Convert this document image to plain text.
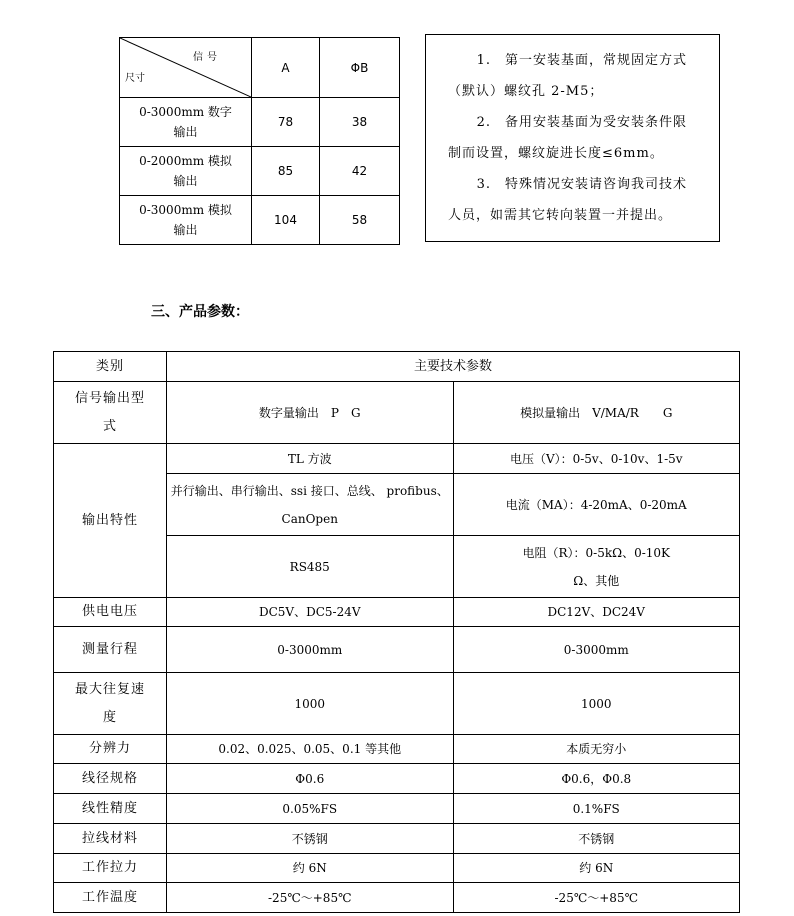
信号
尺寸	A	ΦB
0-3000mm 数字
输出	78	38
0-2000mm 模拟
输出	85	42
0-3000mm 模拟
输出	104	58

1.　第一安装基面，常规固定方式

（默认）螺纹孔 2-M5；

2.　备用安装基面为受安装条件限

制而设置，螺纹旋进长度≤6mm。

3.　特殊情况安装请咨询我司技术

人员，如需其它转向装置一并提出。

三、产品参数：
类别	主要技术参数	
信号输出型
式	数字量输出　P　G	模拟量输出　V/MA/R　　G
输出特性	TL 方波	电压（V）：0-5v、0-10v、1-5v
	并行输出、串行输出、ssi 接口、总线、 profibus、
CanOpen	电流（MA）：4-20mA、0-20mA
	RS485	电阻（R）：0-5kΩ、0-10K
Ω、其他
供电电压	DC5V、DC5-24V	DC12V、DC24V
测量行程	0-3000mm	0-3000mm
最大往复速
度	1000	1000
分辨力	0.02、0.025、0.05、0.1 等其他	本质无穷小
线径规格	Φ0.6	Φ0.6，Φ0.8
线性精度	0.05%FS	0.1%FS
拉线材料	不锈钢	不锈钢
工作拉力	约 6N	约 6N
工作温度	-25℃～+85℃	-25℃～+85℃
